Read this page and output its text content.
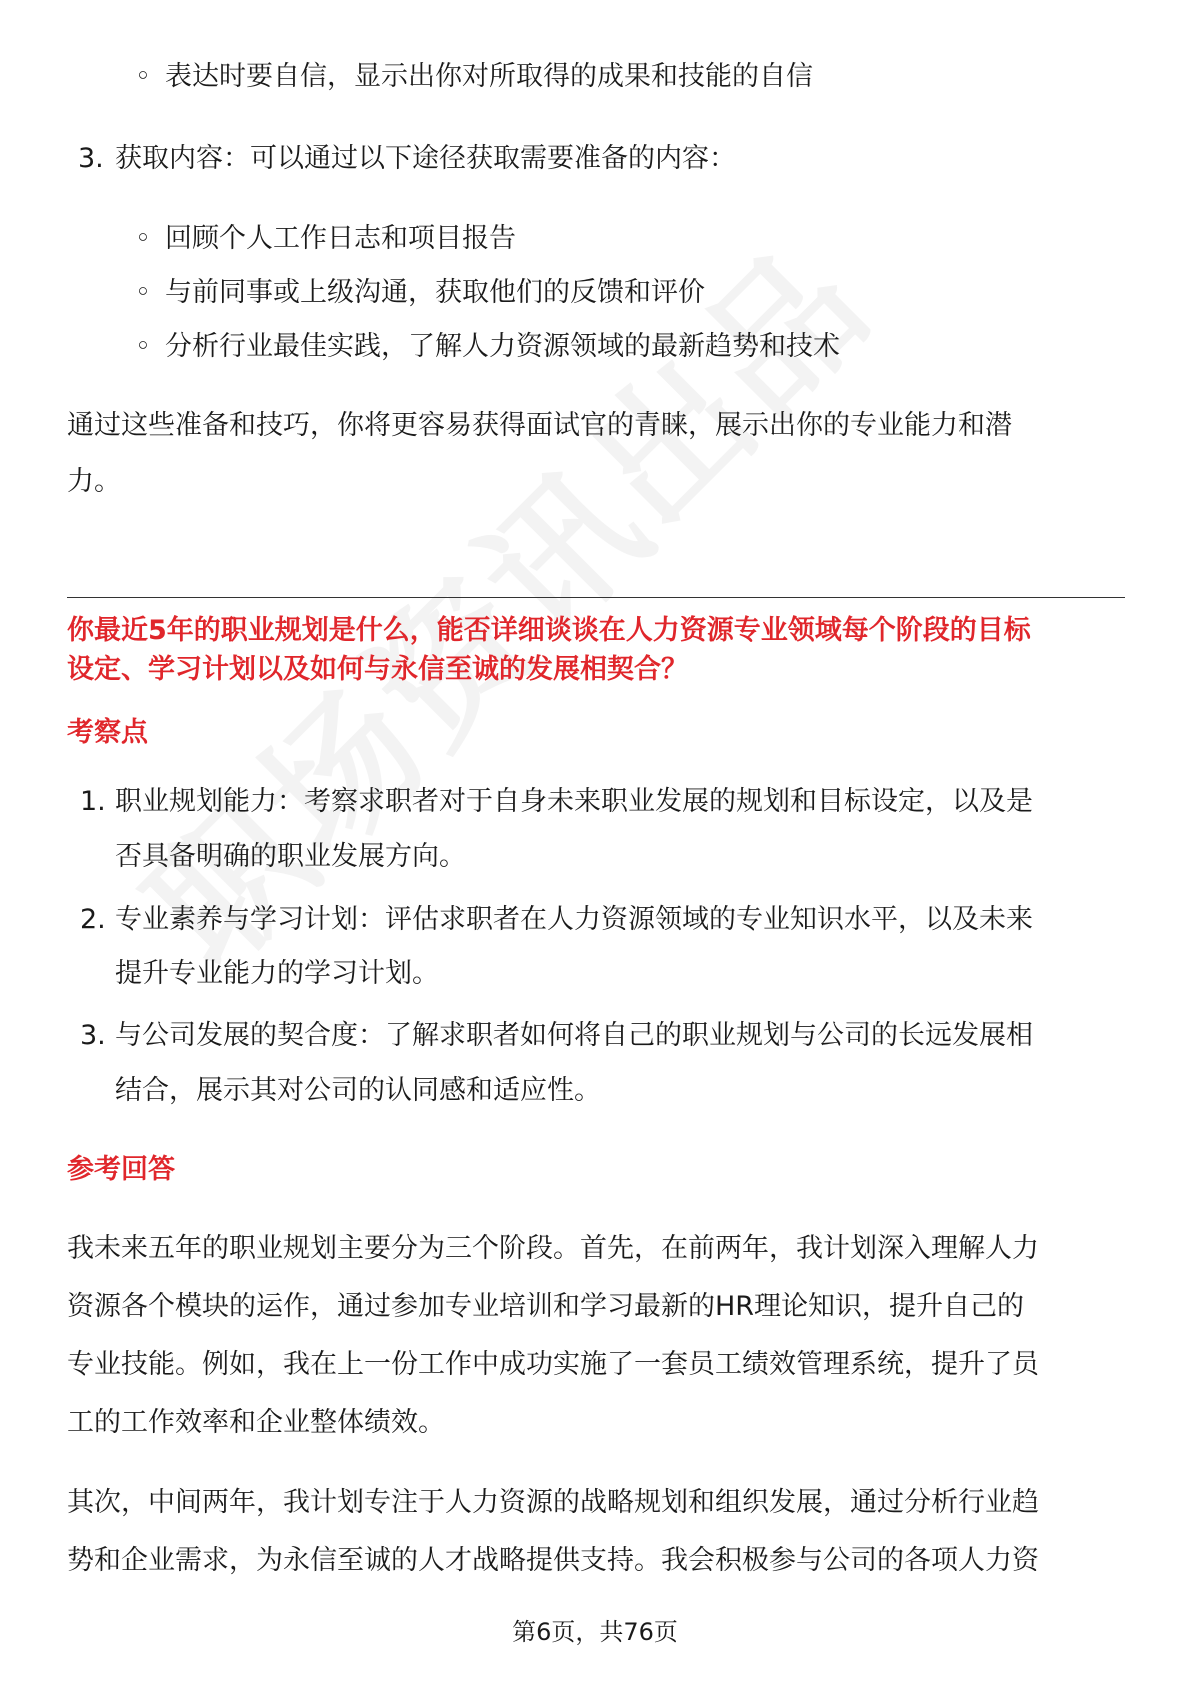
◦ 表达时要自信，显示出你对所取得的成果和技能的自信
3. 获取内容：可以通过以下途径获取需要准备的内容：
◦ 回顾个人工作日志和项目报告
◦ 与前同事或上级沟通，获取他们的反馈和评价
◦ 分析行业最佳实践，了解人力资源领域的最新趋势和技术
通过这些准备和技巧，你将更容易获得面试官的青睐，展示出你的专业能力和潜
力。
你最近5年的职业规划是什么，能否详细谈谈在人力资源专业领域每个阶段的目标
设定、学习计划以及如何与永信至诚的发展相契合？
考察点
1. 职业规划能力：考察求职者对于自身未来职业发展的规划和目标设定，以及是
否具备明确的职业发展方向。
2. 专业素养与学习计划：评估求职者在人力资源领域的专业知识水平，以及未来
提升专业能力的学习计划。
3. 与公司发展的契合度：了解求职者如何将自己的职业规划与公司的长远发展相
结合，展示其对公司的认同感和适应性。
参考回答
我未来五年的职业规划主要分为三个阶段。首先，在前两年，我计划深入理解人力
资源各个模块的运作，通过参加专业培训和学习最新的HR理论知识，提升自己的
专业技能。例如，我在上一份工作中成功实施了一套员工绩效管理系统，提升了员
工的工作效率和企业整体绩效。
其次，中间两年，我计划专注于人力资源的战略规划和组织发展，通过分析行业趋
势和企业需求，为永信至诚的人才战略提供支持。我会积极参与公司的各项人力资
第6页，共76页
